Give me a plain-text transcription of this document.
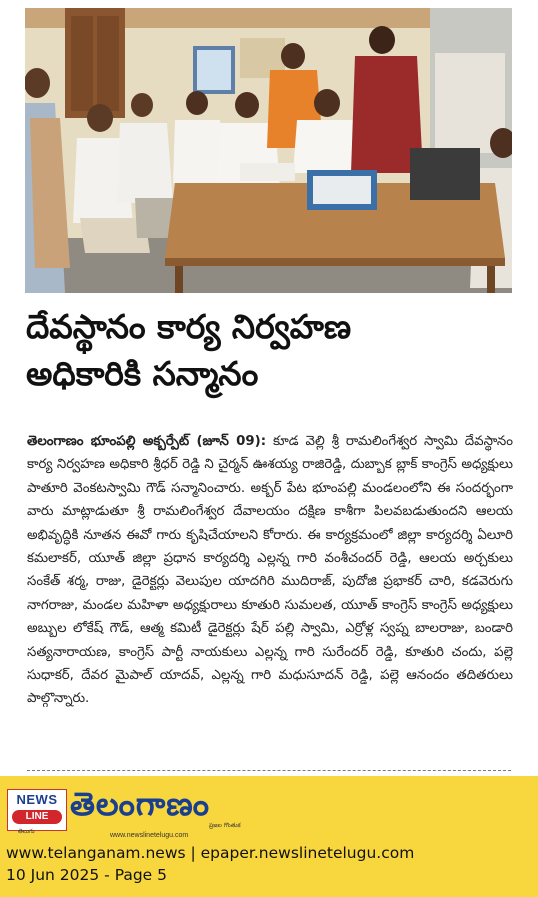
దేవస్థానం కార్య నిర్వహణ
అధికారికి సన్మానం

తెలంగాణం భూంపల్లి అక్బర్పేట్ (జూన్ 09): కూడ వెల్లి శ్రీ రామలింగేశ్వర స్వామి దేవస్థానం కార్య నిర్వహణ అధికారి శ్రీధర్ రెడ్డి ని చైర్మన్ ఊశయ్య రాజిరెడ్డి, దుబ్బాక బ్లాక్ కాంగ్రెస్ అధ్యక్షులు పాతూరి వెంకటస్వామి గౌడ్ సన్మానించారు. అక్బర్ పేట భూంపల్లి మండలంలోని ఈ సందర్భంగా వారు మాట్లాడుతూ శ్రీ రామలింగేశ్వర దేవాలయం దక్షిణ కాశీగా పిలవబడుతుందని ఆలయ అభివృద్ధికి నూతన ఈవో గారు కృషిచేయాలని కోరారు. ఈ కార్యక్రమంలో జిల్లా కార్యదర్శి ఏలూరి కమలాకర్, యూత్ జిల్లా ప్రధాన కార్యదర్శి ఎల్లన్న గారి వంశీచందర్ రెడ్డి, ఆలయ అర్చకులు సంకేత్ శర్మ, రాజు, డైరెక్టర్లు వెలుపుల యాదగిరి ముదిరాజ్, పుదోజి ప్రభాకర్ చారి, కడవెరుగు నాగరాజు, మండల మహిళా అధ్యక్షురాలు కూతురి సుమలత, యూత్ కాంగ్రెస్ కాంగ్రెస్ అధ్యక్షులు అబ్బుల లోకేష్ గౌడ్, ఆత్మ కమిటీ డైరెక్టర్లు షేర్ పల్లి స్వామి, ఎర్రోళ్ల స్వప్న బాలరాజు, బండారి సత్యనారాయణ, కాంగ్రెస్ పార్టీ నాయకులు ఎల్లన్న గారి సురేందర్ రెడ్డి, కూతురి చందు, పల్లె సుధాకర్, దేవర మైపాల్ యాదవ్, ఎల్లన్న గారి మధుసూదన్ రెడ్డి, పల్లె ఆనందం తదితరులు పాల్గొన్నారు.

NEWS
LINE
తెలుగు
తెలంగాణం
ప్రజల గొంతుక
www.newslinetelugu.com
www.telanganam.news | epaper.newslinetelugu.com
10 Jun 2025 - Page 5
